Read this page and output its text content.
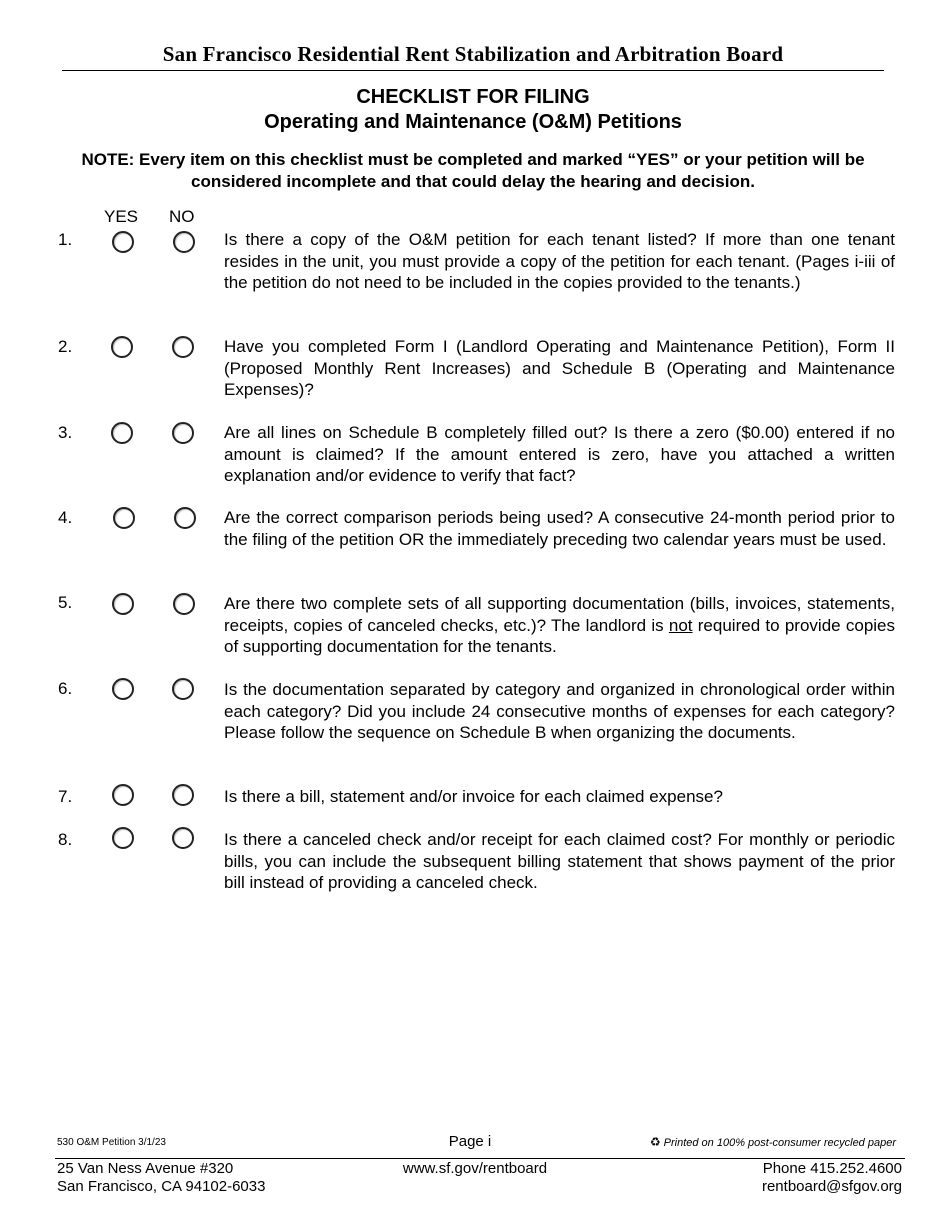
San Francisco Residential Rent Stabilization and Arbitration Board
CHECKLIST FOR FILING
Operating and Maintenance (O&M) Petitions
NOTE: Every item on this checklist must be completed and marked “YES” or your petition will be considered incomplete and that could delay the hearing and decision.
YES NO
1.	Is there a copy of the O&M petition for each tenant listed? If more than one tenant resides in the unit, you must provide a copy of the petition for each tenant. (Pages i-iii of the petition do not need to be included in the copies provided to the tenants.)
2.	Have you completed Form I (Landlord Operating and Maintenance Petition), Form II (Proposed Monthly Rent Increases) and Schedule B (Operating and Maintenance Expenses)?
3.	Are all lines on Schedule B completely filled out? Is there a zero ($0.00) entered if no amount is claimed? If the amount entered is zero, have you attached a written explanation and/or evidence to verify that fact?
4.	Are the correct comparison periods being used? A consecutive 24-month period prior to the filing of the petition OR the immediately preceding two calendar years must be used.
5.	Are there two complete sets of all supporting documentation (bills, invoices, statements, receipts, copies of canceled checks, etc.)? The landlord is not required to provide copies of supporting documentation for the tenants.
6.	Is the documentation separated by category and organized in chronological order within each category? Did you include 24 consecutive months of expenses for each category? Please follow the sequence on Schedule B when organizing the documents.
7.	Is there a bill, statement and/or invoice for each claimed expense?
8.	Is there a canceled check and/or receipt for each claimed cost? For monthly or periodic bills, you can include the subsequent billing statement that shows payment of the prior bill instead of providing a canceled check.
530 O&M Petition 3/1/23	Page i	♻ Printed on 100% post-consumer recycled paper
25 Van Ness Avenue #320
San Francisco, CA 94102-6033
www.sf.gov/rentboard	Phone 415.252.4600
rentboard@sfgov.org
